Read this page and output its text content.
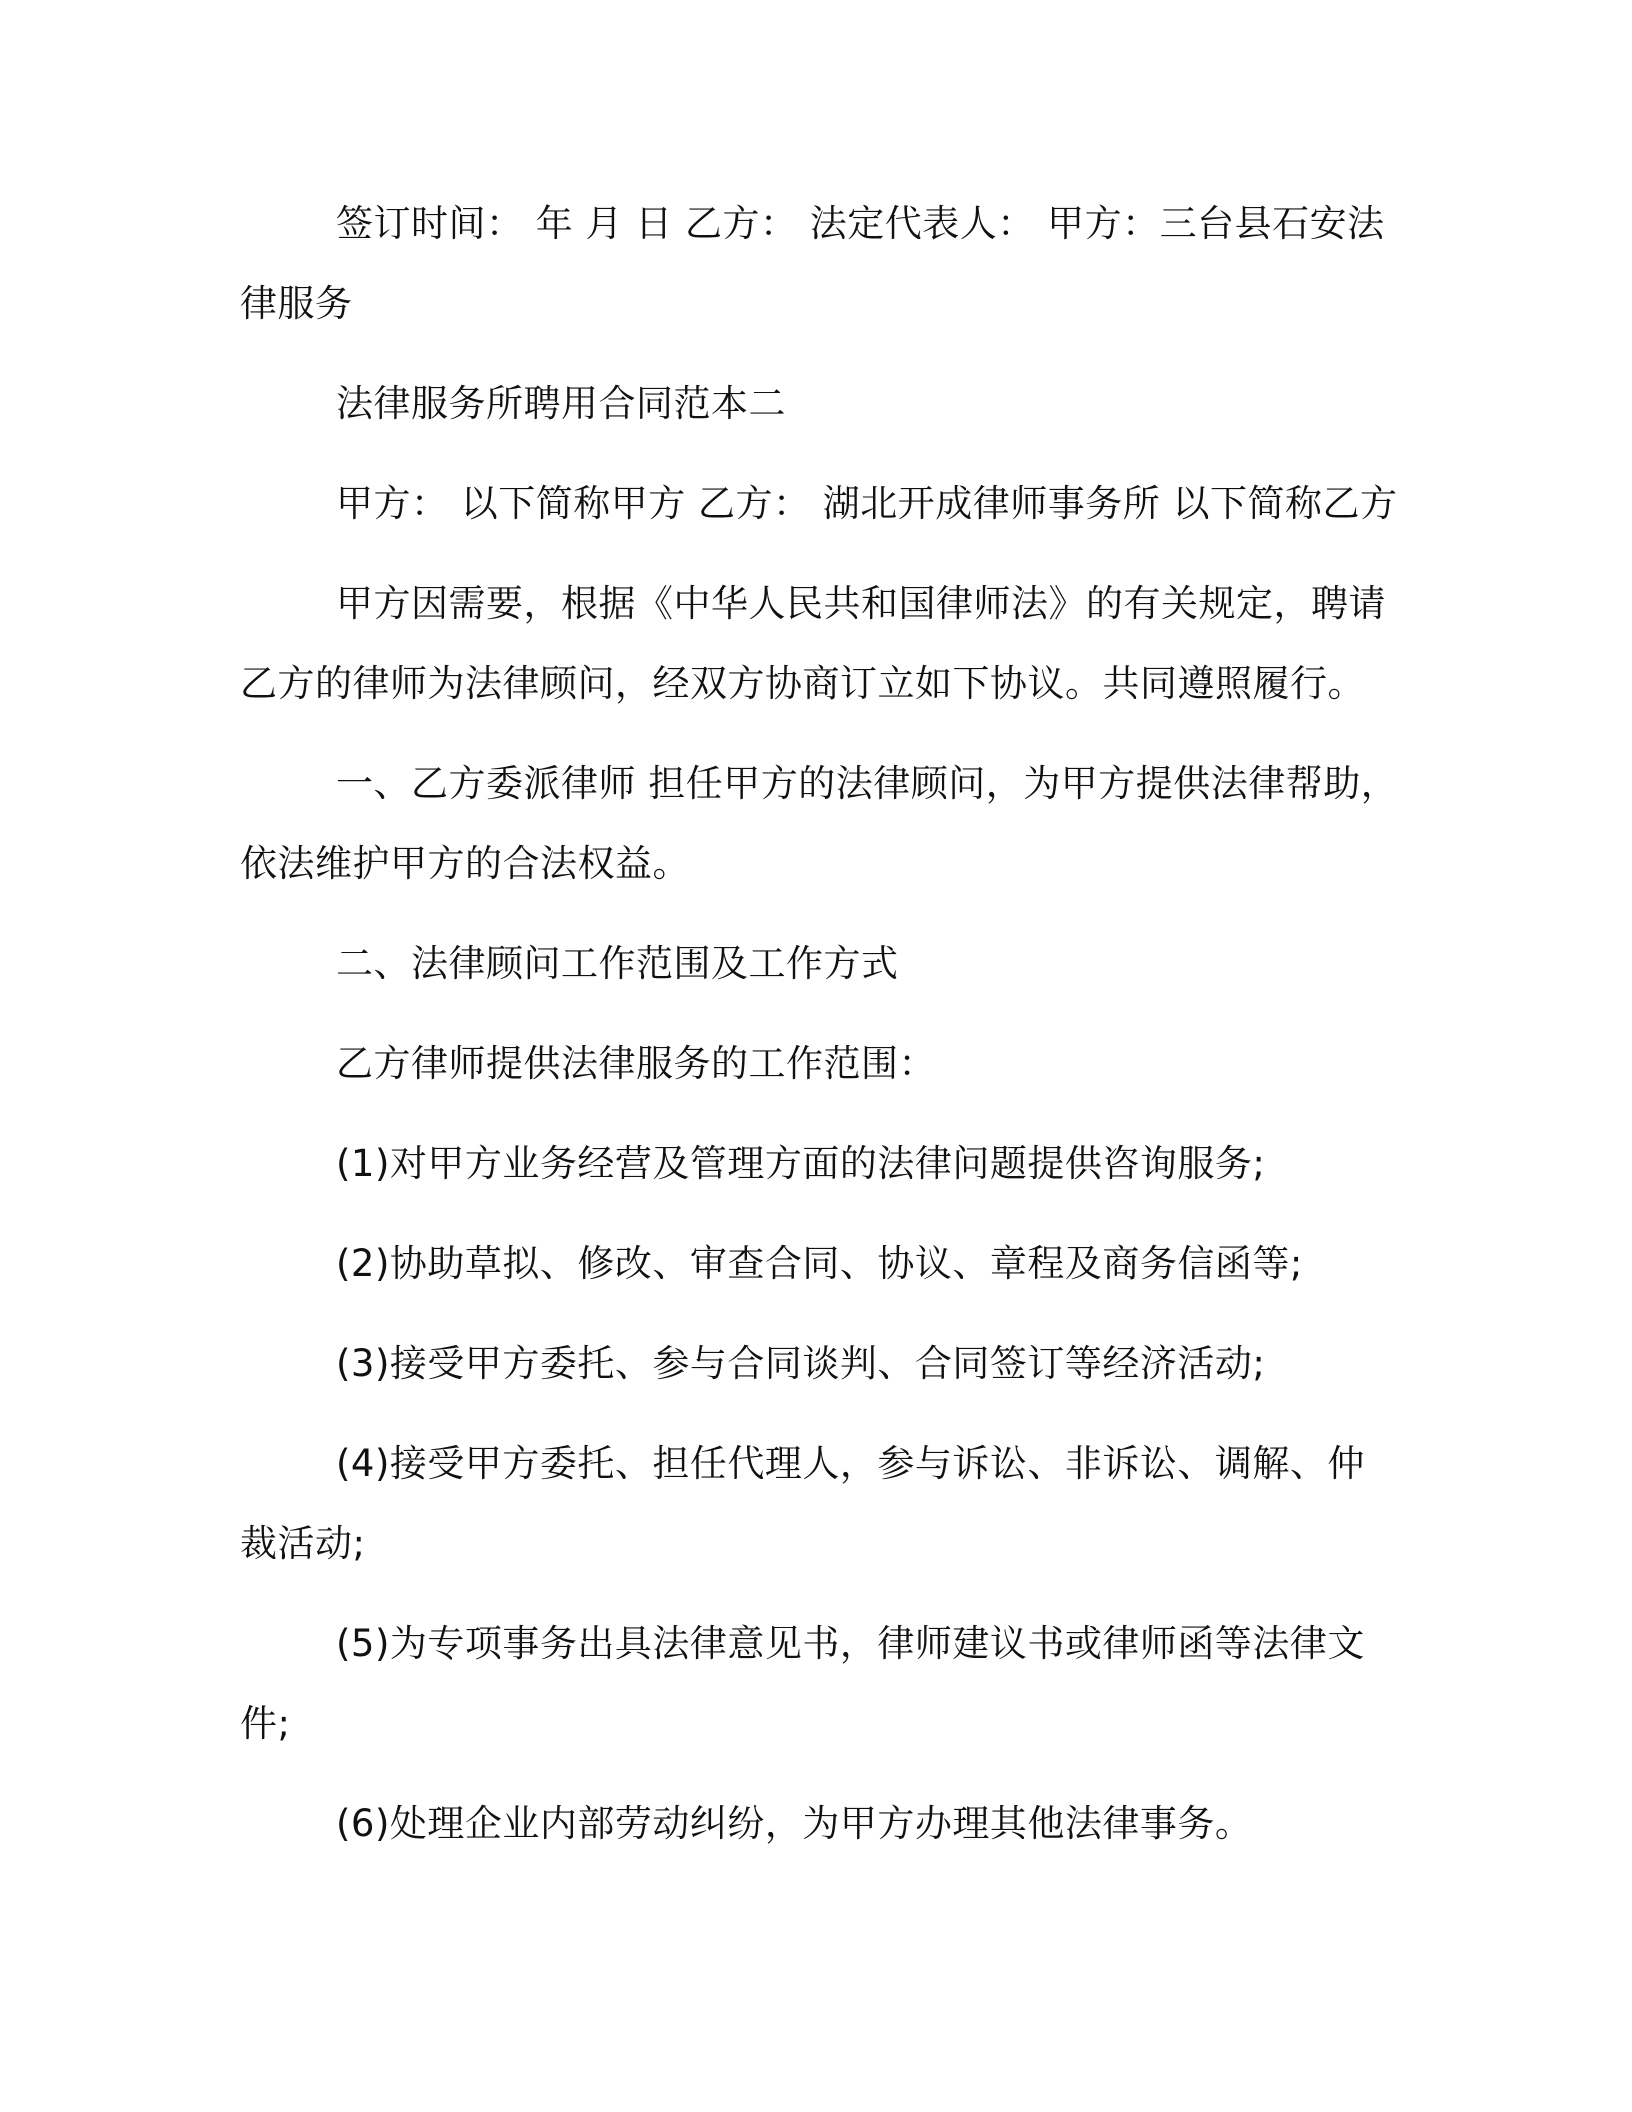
签订时间： 年 月 日 乙方： 法定代表人： 甲方：三台县石安法律服务

法律服务所聘用合同范本二

甲方： 以下简称甲方 乙方： 湖北开成律师事务所 以下简称乙方

甲方因需要，根据《中华人民共和国律师法》的有关规定，聘请乙方的律师为法律顾问，经双方协商订立如下协议。共同遵照履行。

一、乙方委派律师 担任甲方的法律顾问，为甲方提供法律帮助，依法维护甲方的合法权益。

二、法律顾问工作范围及工作方式

乙方律师提供法律服务的工作范围：

(1)对甲方业务经营及管理方面的法律问题提供咨询服务;

(2)协助草拟、修改、审查合同、协议、章程及商务信函等;

(3)接受甲方委托、参与合同谈判、合同签订等经济活动;

(4)接受甲方委托、担任代理人，参与诉讼、非诉讼、调解、仲裁活动;

(5)为专项事务出具法律意见书，律师建议书或律师函等法律文件;

(6)处理企业内部劳动纠纷，为甲方办理其他法律事务。
